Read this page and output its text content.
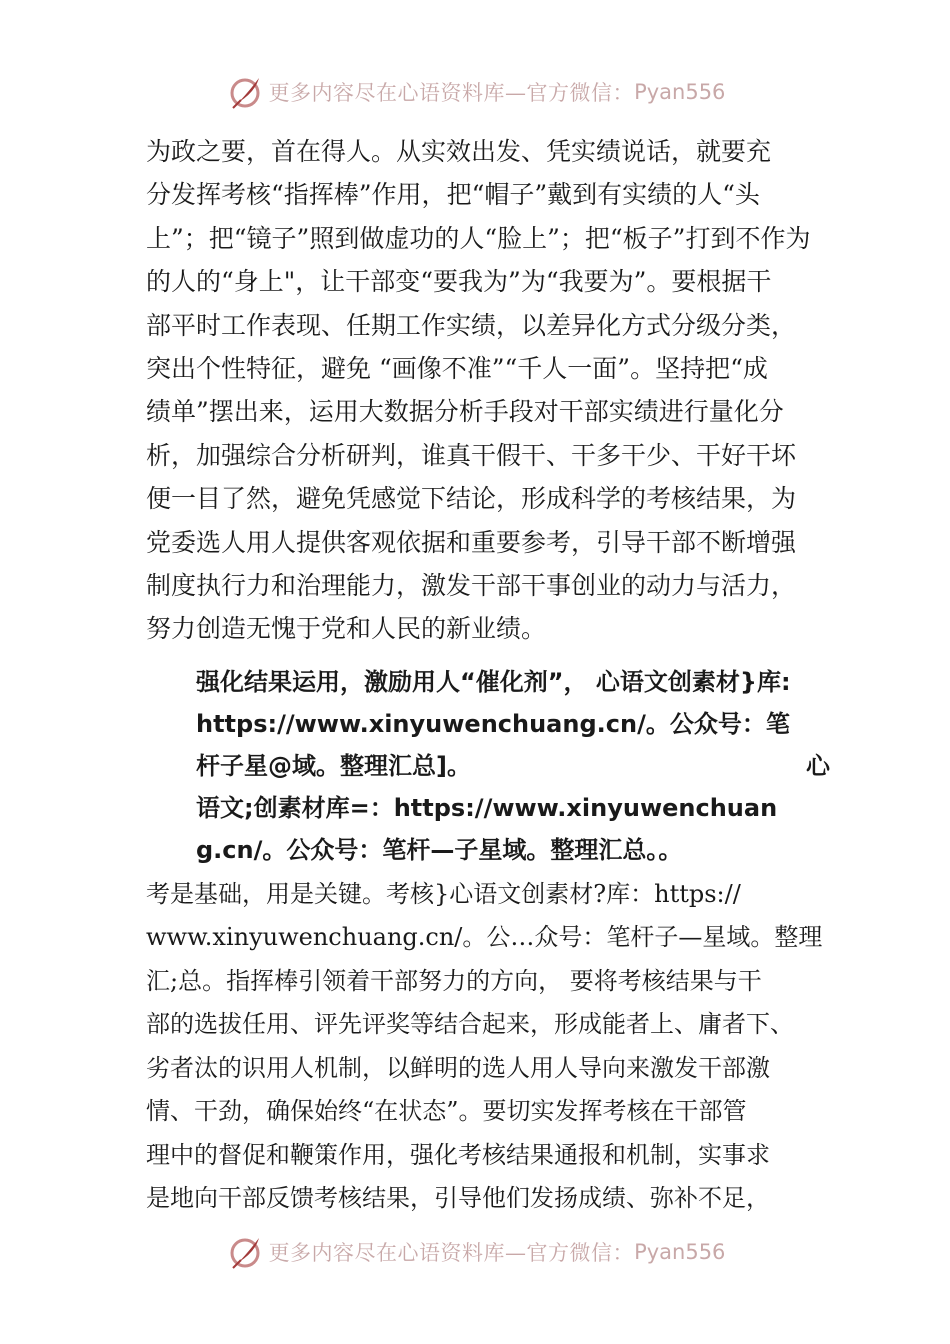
更多内容尽在心语资料库—官方微信： Pyan556
为政之要，首在得人。从实效出发、凭实绩说话，就要充
分发挥考核“指挥棒”作用，把“帽子”戴到有实绩的人“头
上”；把“镜子”照到做虚功的人“脸上”；把“板子”打到不作为
的人的“身上"，让干部变“要我为”为“我要为”。要根据干
部平时工作表现、任期工作实绩，以差异化方式分级分类，
突出个性特征，避免 “画像不准”“千人一面”。坚持把“成
绩单”摆出来，运用大数据分析手段对干部实绩进行量化分
析，加强综合分析研判，谁真干假干、干多干少、干好干坏
便一目了然，避免凭感觉下结论，形成科学的考核结果，为
党委选人用人提供客观依据和重要参考，引导干部不断增强
制度执行力和治理能力，激发干部干事创业的动力与活力，
努力创造无愧于党和人民的新业绩。
强化结果运用，激励用人“催化剂”， 心语文创素材}库:
https://www.xinyuwenchuang.cn/。公众号：笔
杆子星@域。整理汇总]。	心
语文;创素材库=：https://www.xinyuwenchuan
g.cn/。公众号：笔杆—子星域。整理汇总。。
考是基础，用是关键。考核}心语文创素材?库：https://
www.xinyuwenchuang.cn/。公…众号：笔杆子—星域。整理
汇;总。指挥棒引领着干部努力的方向， 要将考核结果与干
部的选拔任用、评先评奖等结合起来，形成能者上、庸者下、
劣者汰的识用人机制，以鲜明的选人用人导向来激发干部激
情、干劲，确保始终“在状态”。要切实发挥考核在干部管
理中的督促和鞭策作用，强化考核结果通报和机制，实事求
是地向干部反馈考核结果，引导他们发扬成绩、弥补不足，
更多内容尽在心语资料库—官方微信： Pyan556
